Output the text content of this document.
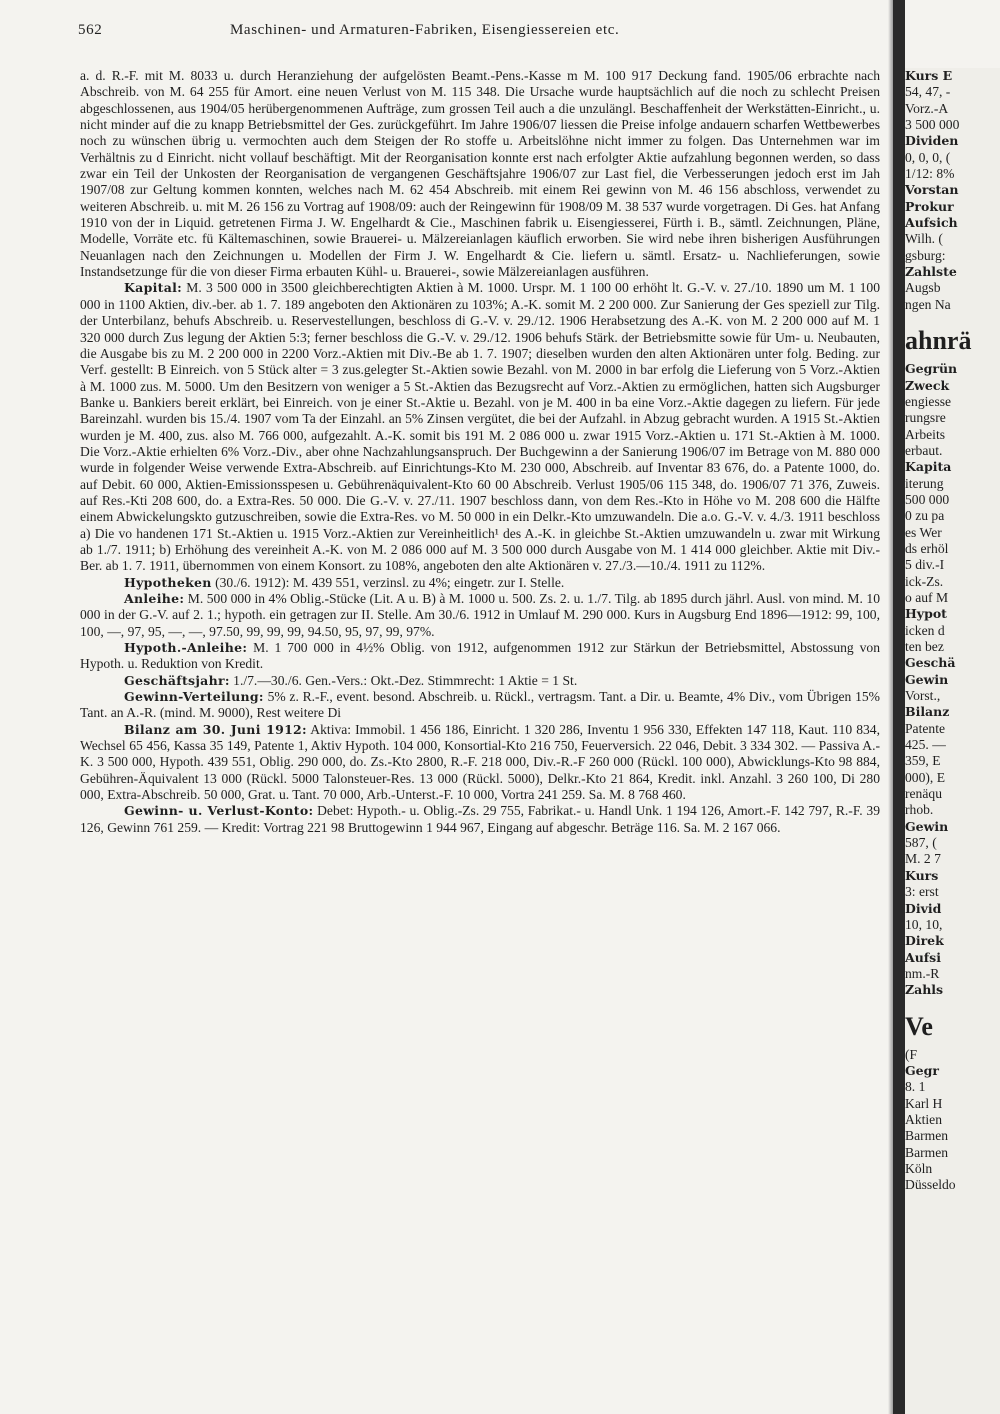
562	Maschinen- und Armaturen-Fabriken, Eisengiessereien etc.

a. d. R.-F. mit M. 8033 u. durch Heranziehung der aufgelösten Beamt.-Pens.-Kasse m M. 100 917 Deckung fand. 1905/06 erbrachte nach Abschreib. von M. 64 255 für Amort. eine neuen Verlust von M. 115 348. Die Ursache wurde hauptsächlich auf die noch zu schlecht Preisen abgeschlossenen, aus 1904/05 herübergenommenen Aufträge, zum grossen Teil auch a die unzulängl. Beschaffenheit der Werkstätten-Einricht., u. nicht minder auf die zu knapp Betriebsmittel der Ges. zurückgeführt. Im Jahre 1906/07 liessen die Preise infolge andauern scharfen Wettbewerbes noch zu wünschen übrig u. vermochten auch dem Steigen der Ro stoffe u. Arbeitslöhne nicht immer zu folgen. Das Unternehmen war im Verhältnis zu d Einricht. nicht vollauf beschäftigt. Mit der Reorganisation konnte erst nach erfolgter Aktie aufzahlung begonnen werden, so dass zwar ein Teil der Unkosten der Reorganisation de vergangenen Geschäftsjahre 1906/07 zur Last fiel, die Verbesserungen jedoch erst im Jah 1907/08 zur Geltung kommen konnten, welches nach M. 62 454 Abschreib. mit einem Rei gewinn von M. 46 156 abschloss, verwendet zu weiteren Abschreib. u. mit M. 26 156 zu Vortrag auf 1908/09: auch der Reingewinn für 1908/09 M. 38 537 wurde vorgetragen. Di Ges. hat Anfang 1910 von der in Liquid. getretenen Firma J. W. Engelhardt & Cie., Maschinen fabrik u. Eisengiesserei, Fürth i. B., sämtl. Zeichnungen, Pläne, Modelle, Vorräte etc. fü Kältemaschinen, sowie Brauerei- u. Mälzereianlagen käuflich erworben. Sie wird nebe ihren bisherigen Ausführungen Neuanlagen nach den Zeichnungen u. Modellen der Firm J. W. Engelhardt & Cie. liefern u. sämtl. Ersatz- u. Nachlieferungen, sowie Instandsetzunge für die von dieser Firma erbauten Kühl- u. Brauerei-, sowie Mälzereianlagen ausführen.

Kapital: M. 3 500 000 in 3500 gleichberechtigten Aktien à M. 1000. Urspr. M. 1 100 00 erhöht lt. G.-V. v. 27./10. 1890 um M. 1 100 000 in 1100 Aktien, div.-ber. ab 1. 7. 189 angeboten den Aktionären zu 103%; A.-K. somit M. 2 200 000. Zur Sanierung der Ges speziell zur Tilg. der Unterbilanz, behufs Abschreib. u. Reservestellungen, beschloss di G.-V. v. 29./12. 1906 Herabsetzung des A.-K. von M. 2 200 000 auf M. 1 320 000 durch Zus legung der Aktien 5:3; ferner beschloss die G.-V. v. 29./12. 1906 behufs Stärk. der Betriebsmitte sowie für Um- u. Neubauten, die Ausgabe bis zu M. 2 200 000 in 2200 Vorz.-Aktien mit Div.-Be ab 1. 7. 1907; dieselben wurden den alten Aktionären unter folg. Beding. zur Verf. gestellt: B Einreich. von 5 Stück alter = 3 zus.gelegter St.-Aktien sowie Bezahl. von M. 2000 in bar erfolg die Lieferung von 5 Vorz.-Aktien à M. 1000 zus. M. 5000. Um den Besitzern von weniger a 5 St.-Aktien das Bezugsrecht auf Vorz.-Aktien zu ermöglichen, hatten sich Augsburger Banke u. Bankiers bereit erklärt, bei Einreich. von je einer St.-Aktie u. Bezahl. von je M. 400 in ba eine Vorz.-Aktie dagegen zu liefern. Für jede Bareinzahl. wurden bis 15./4. 1907 vom Ta der Einzahl. an 5% Zinsen vergütet, die bei der Aufzahl. in Abzug gebracht wurden. A 1915 St.-Aktien wurden je M. 400, zus. also M. 766 000, aufgezahlt. A.-K. somit bis 191 M. 2 086 000 u. zwar 1915 Vorz.-Aktien u. 171 St.-Aktien à M. 1000. Die Vorz.-Aktie erhielten 6% Vorz.-Div., aber ohne Nachzahlungsanspruch. Der Buchgewinn a der Sanierung 1906/07 im Betrage von M. 880 000 wurde in folgender Weise verwende Extra-Abschreib. auf Einrichtungs-Kto M. 230 000, Abschreib. auf Inventar 83 676, do. a Patente 1000, do. auf Debit. 60 000, Aktien-Emissionsspesen u. Gebührenäquivalent-Kto 60 00 Abschreib. Verlust 1905/06 115 348, do. 1906/07 71 376, Zuweis. auf Res.-Kti 208 600, do. a Extra-Res. 50 000. Die G.-V. v. 27./11. 1907 beschloss dann, von dem Res.-Kto in Höhe vo M. 208 600 die Hälfte einem Abwickelungskto gutzuschreiben, sowie die Extra-Res. vo M. 50 000 in ein Delkr.-Kto umzuwandeln. Die a.o. G.-V. v. 4./3. 1911 beschloss a) Die vo handenen 171 St.-Aktien u. 1915 Vorz.-Aktien zur Vereinheitlich¹ des A.-K. in gleichbe St.-Aktien umzuwandeln u. zwar mit Wirkung ab 1./7. 1911; b) Erhöhung des vereinheit A.-K. von M. 2 086 000 auf M. 3 500 000 durch Ausgabe von M. 1 414 000 gleichber. Aktie mit Div.-Ber. ab 1. 7. 1911, übernommen von einem Konsort. zu 108%, angeboten den alte Aktionären v. 27./3.—10./4. 1911 zu 112%.

Hypotheken (30./6. 1912): M. 439 551, verzinsl. zu 4%; eingetr. zur I. Stelle.

Anleihe: M. 500 000 in 4% Oblig.-Stücke (Lit. A u. B) à M. 1000 u. 500. Zs. 2. u. 1./7. Tilg. ab 1895 durch jährl. Ausl. von mind. M. 10 000 in der G.-V. auf 2. 1.; hypoth. ein getragen zur II. Stelle. Am 30./6. 1912 in Umlauf M. 290 000. Kurs in Augsburg End 1896—1912: 99, 100, 100, —, 97, 95, —, —, 97.50, 99, 99, 99, 94.50, 95, 97, 99, 97%.

Hypoth.-Anleihe: M. 1 700 000 in 4½% Oblig. von 1912, aufgenommen 1912 zur Stärkun der Betriebsmittel, Abstossung von Hypoth. u. Reduktion von Kredit.

Geschäftsjahr: 1./7.—30./6. Gen.-Vers.: Okt.-Dez. Stimmrecht: 1 Aktie = 1 St.

Gewinn-Verteilung: 5% z. R.-F., event. besond. Abschreib. u. Rückl., vertragsm. Tant. a Dir. u. Beamte, 4% Div., vom Übrigen 15% Tant. an A.-R. (mind. M. 9000), Rest weitere Di

Bilanz am 30. Juni 1912: Aktiva: Immobil. 1 456 186, Einricht. 1 320 286, Inventu 1 956 330, Effekten 147 118, Kaut. 110 834, Wechsel 65 456, Kassa 35 149, Patente 1, Aktiv Hypoth. 104 000, Konsortial-Kto 216 750, Feuerversich. 22 046, Debit. 3 334 302. — Passiva A.-K. 3 500 000, Hypoth. 439 551, Oblig. 290 000, do. Zs.-Kto 2800, R.-F. 218 000, Div.-R.-F 260 000 (Rückl. 100 000), Abwicklungs-Kto 98 884, Gebühren-Äquivalent 13 000 (Rückl. 5000 Talonsteuer-Res. 13 000 (Rückl. 5000), Delkr.-Kto 21 864, Kredit. inkl. Anzahl. 3 260 100, Di 280 000, Extra-Abschreib. 50 000, Grat. u. Tant. 70 000, Arb.-Unterst.-F. 10 000, Vortra 241 259. Sa. M. 8 768 460.

Gewinn- u. Verlust-Konto: Debet: Hypoth.- u. Oblig.-Zs. 29 755, Fabrikat.- u. Handl Unk. 1 194 126, Amort.-F. 142 797, R.-F. 39 126, Gewinn 761 259. — Kredit: Vortrag 221 98 Bruttogewinn 1 944 967, Eingang auf abgeschr. Beträge 116. Sa. M. 2 167 066.

Kurs E
54, 47, -
Vorz.-A
3 500 000
Dividen
0, 0, 0, (
1/12: 8%
Vorstan
Prokur
Aufsich
Wilh. (
gsburg:
Zahlste
Augsb
ngen Na
ahnrä
Gegrün
Zweck
engiesse
rungsre
Arbeits
erbaut.
Kapita
iterung
500 000
0 zu pa
es Wer
ds erhöl
5 div.-I
ick-Zs.
o auf M
Hypot
icken d
ten bez
Geschä
Gewin
Vorst.,
Bilanz
Patente
425. —
359, E
000), E
renäqu
rhob.
Gewin
587, (
M. 2 7
Kurs
3: erst
Divid
10, 10,
Direk
Aufsi
nm.-R
Zahls
Ve
(F
Gegr
8. 1
Karl H
Aktien
Barmen
Barmen
Köln
Düsseldo
